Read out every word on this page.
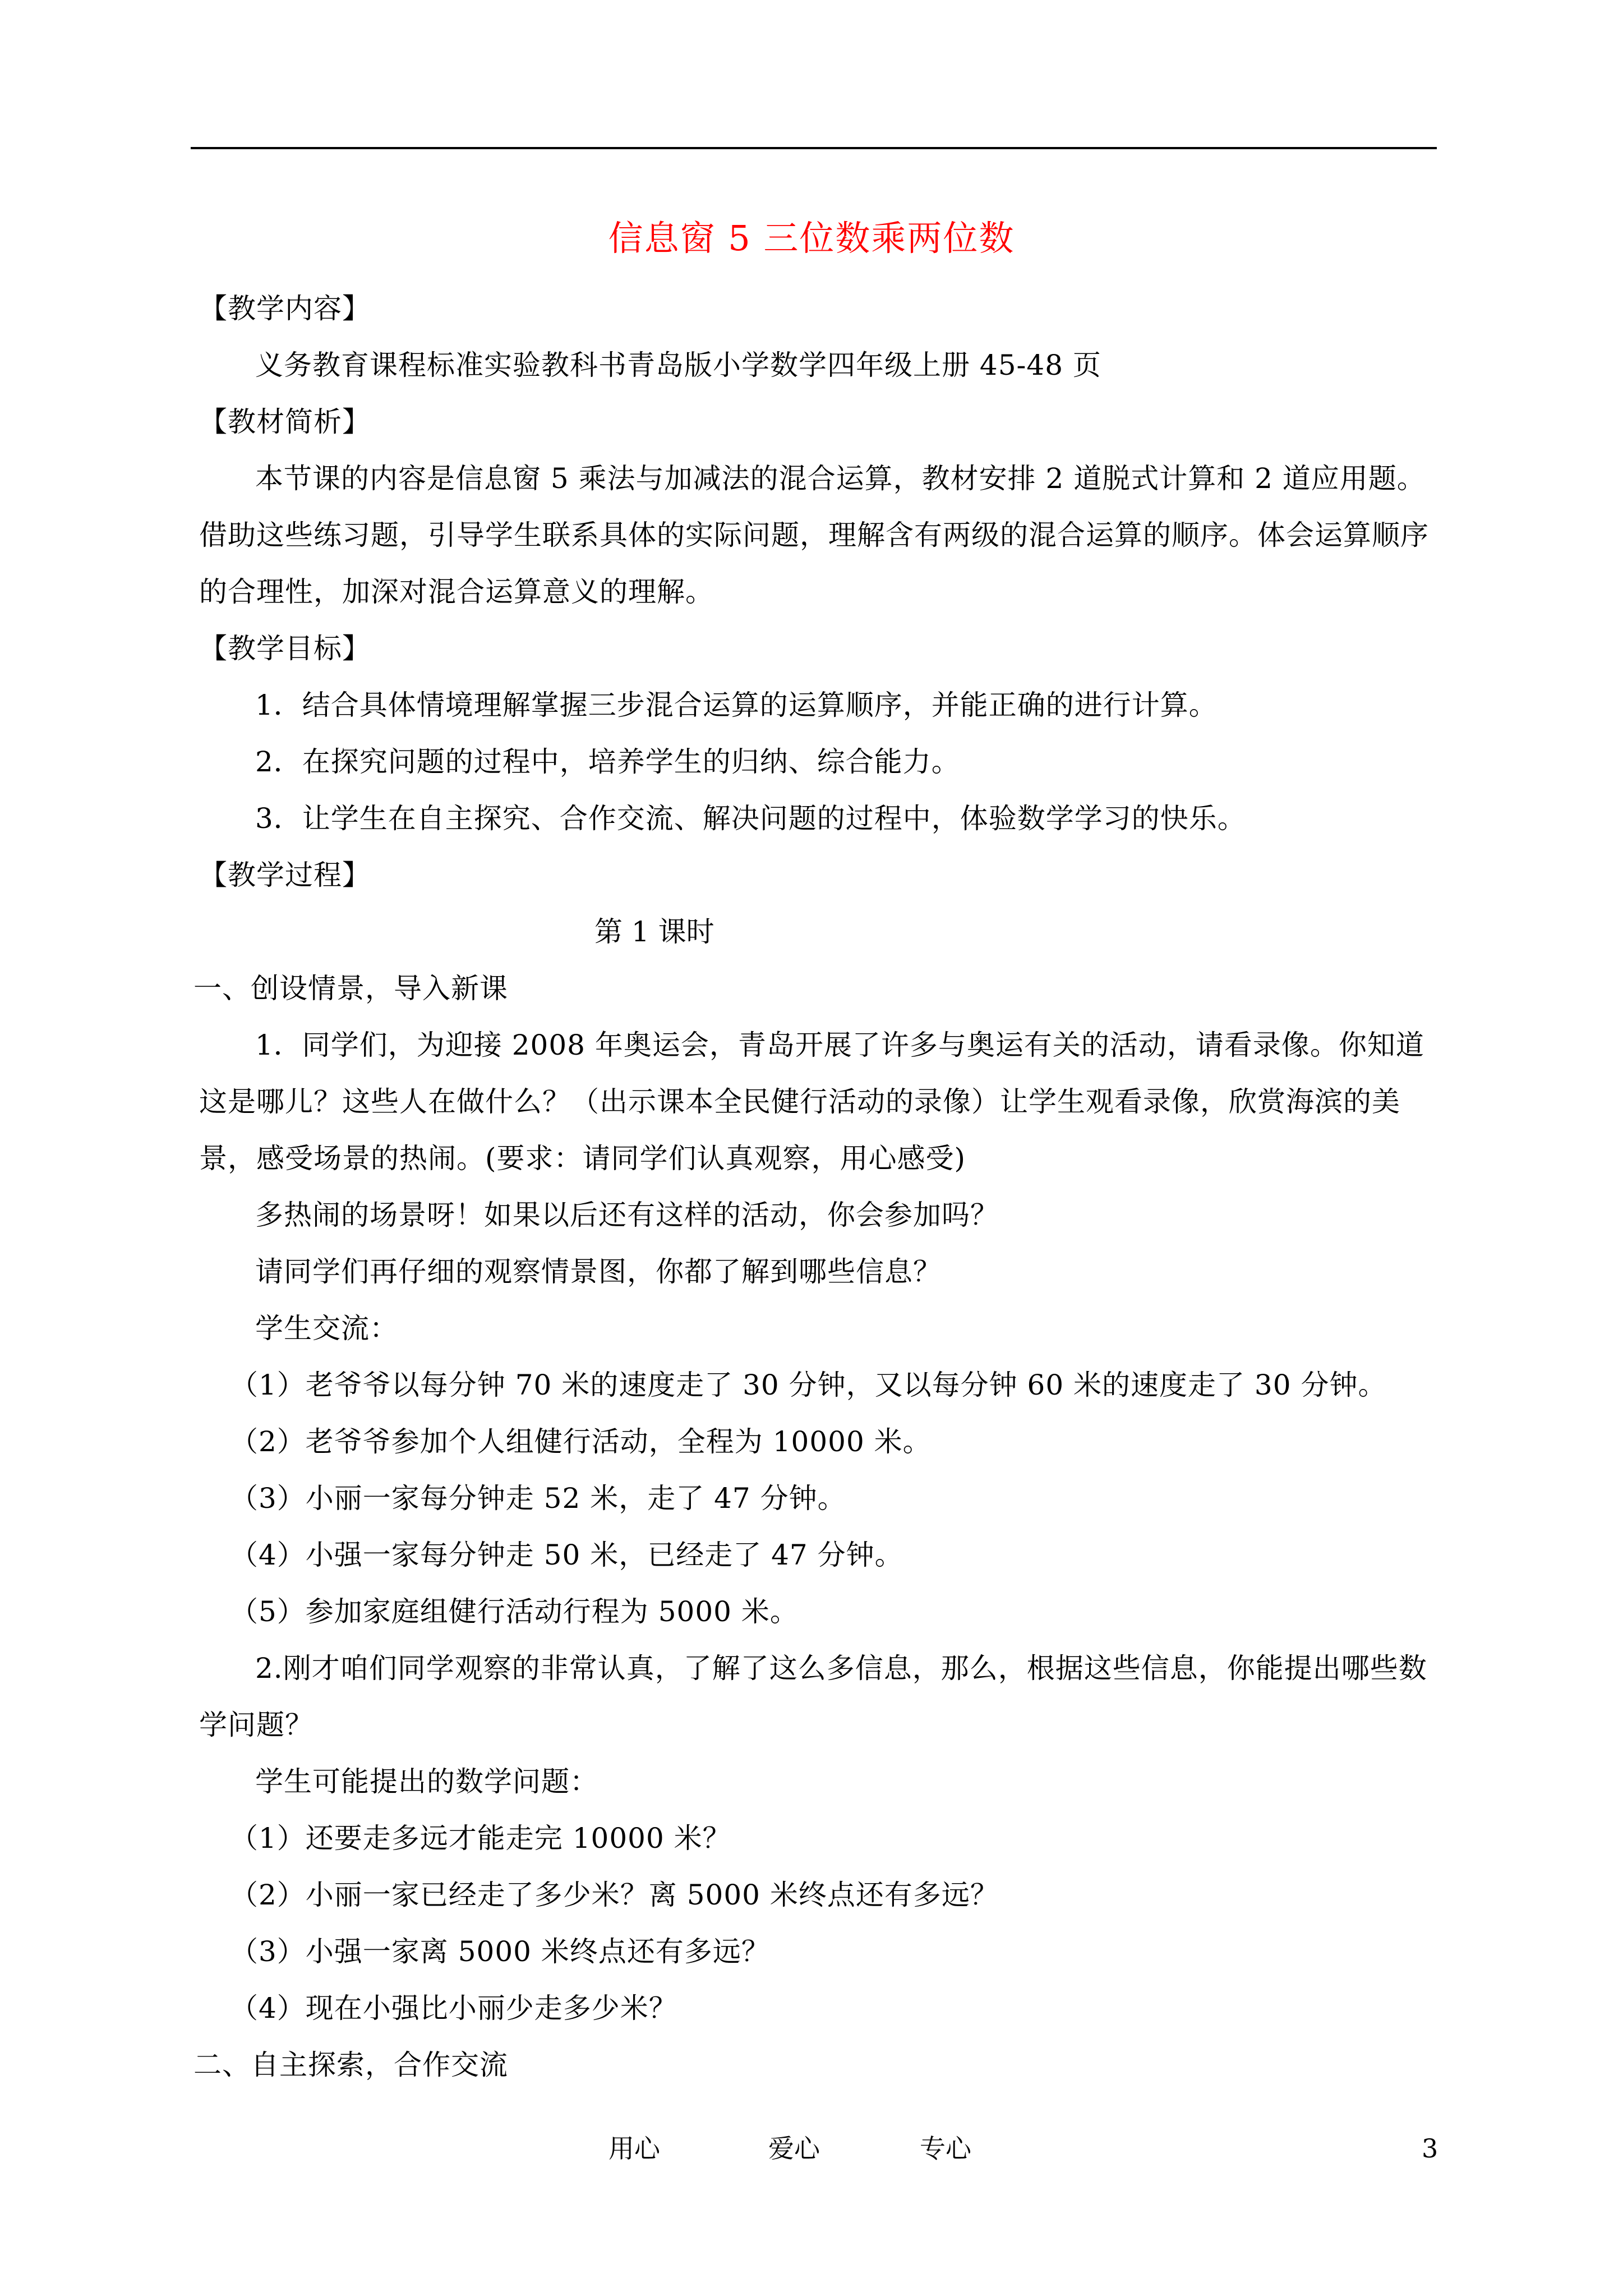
信息窗 5 三位数乘两位数
【教学内容】
义务教育课程标准实验教科书青岛版小学数学四年级上册 45-48 页
【教材简析】
本节课的内容是信息窗 5 乘法与加减法的混合运算，教材安排 2 道脱式计算和 2 道应用题。借助这些练习题，引导学生联系具体的实际问题，理解含有两级的混合运算的顺序。体会运算顺序的合理性，加深对混合运算意义的理解。
【教学目标】
1．结合具体情境理解掌握三步混合运算的运算顺序，并能正确的进行计算。
2．在探究问题的过程中，培养学生的归纳、综合能力。
3．让学生在自主探究、合作交流、解决问题的过程中，体验数学学习的快乐。
【教学过程】
第 1 课时
一、创设情景，导入新课
1．同学们，为迎接 2008 年奥运会，青岛开展了许多与奥运有关的活动，请看录像。你知道这是哪儿？这些人在做什么？（出示课本全民健行活动的录像）让学生观看录像，欣赏海滨的美景，感受场景的热闹。(要求：请同学们认真观察，用心感受)
多热闹的场景呀！如果以后还有这样的活动，你会参加吗？
请同学们再仔细的观察情景图，你都了解到哪些信息？
学生交流：
（1）老爷爷以每分钟 70 米的速度走了 30 分钟，又以每分钟 60 米的速度走了 30 分钟。
（2）老爷爷参加个人组健行活动，全程为 10000 米。
（3）小丽一家每分钟走 52 米，走了 47 分钟。
（4）小强一家每分钟走 50 米，已经走了 47 分钟。
（5）参加家庭组健行活动行程为 5000 米。
2.刚才咱们同学观察的非常认真，了解了这么多信息，那么，根据这些信息，你能提出哪些数学问题？
学生可能提出的数学问题：
（1）还要走多远才能走完 10000 米？
（2）小丽一家已经走了多少米？离 5000 米终点还有多远？
（3）小强一家离 5000 米终点还有多远？
（4）现在小强比小丽少走多少米？
二、自主探索，合作交流
用心	爱心	专心	3
